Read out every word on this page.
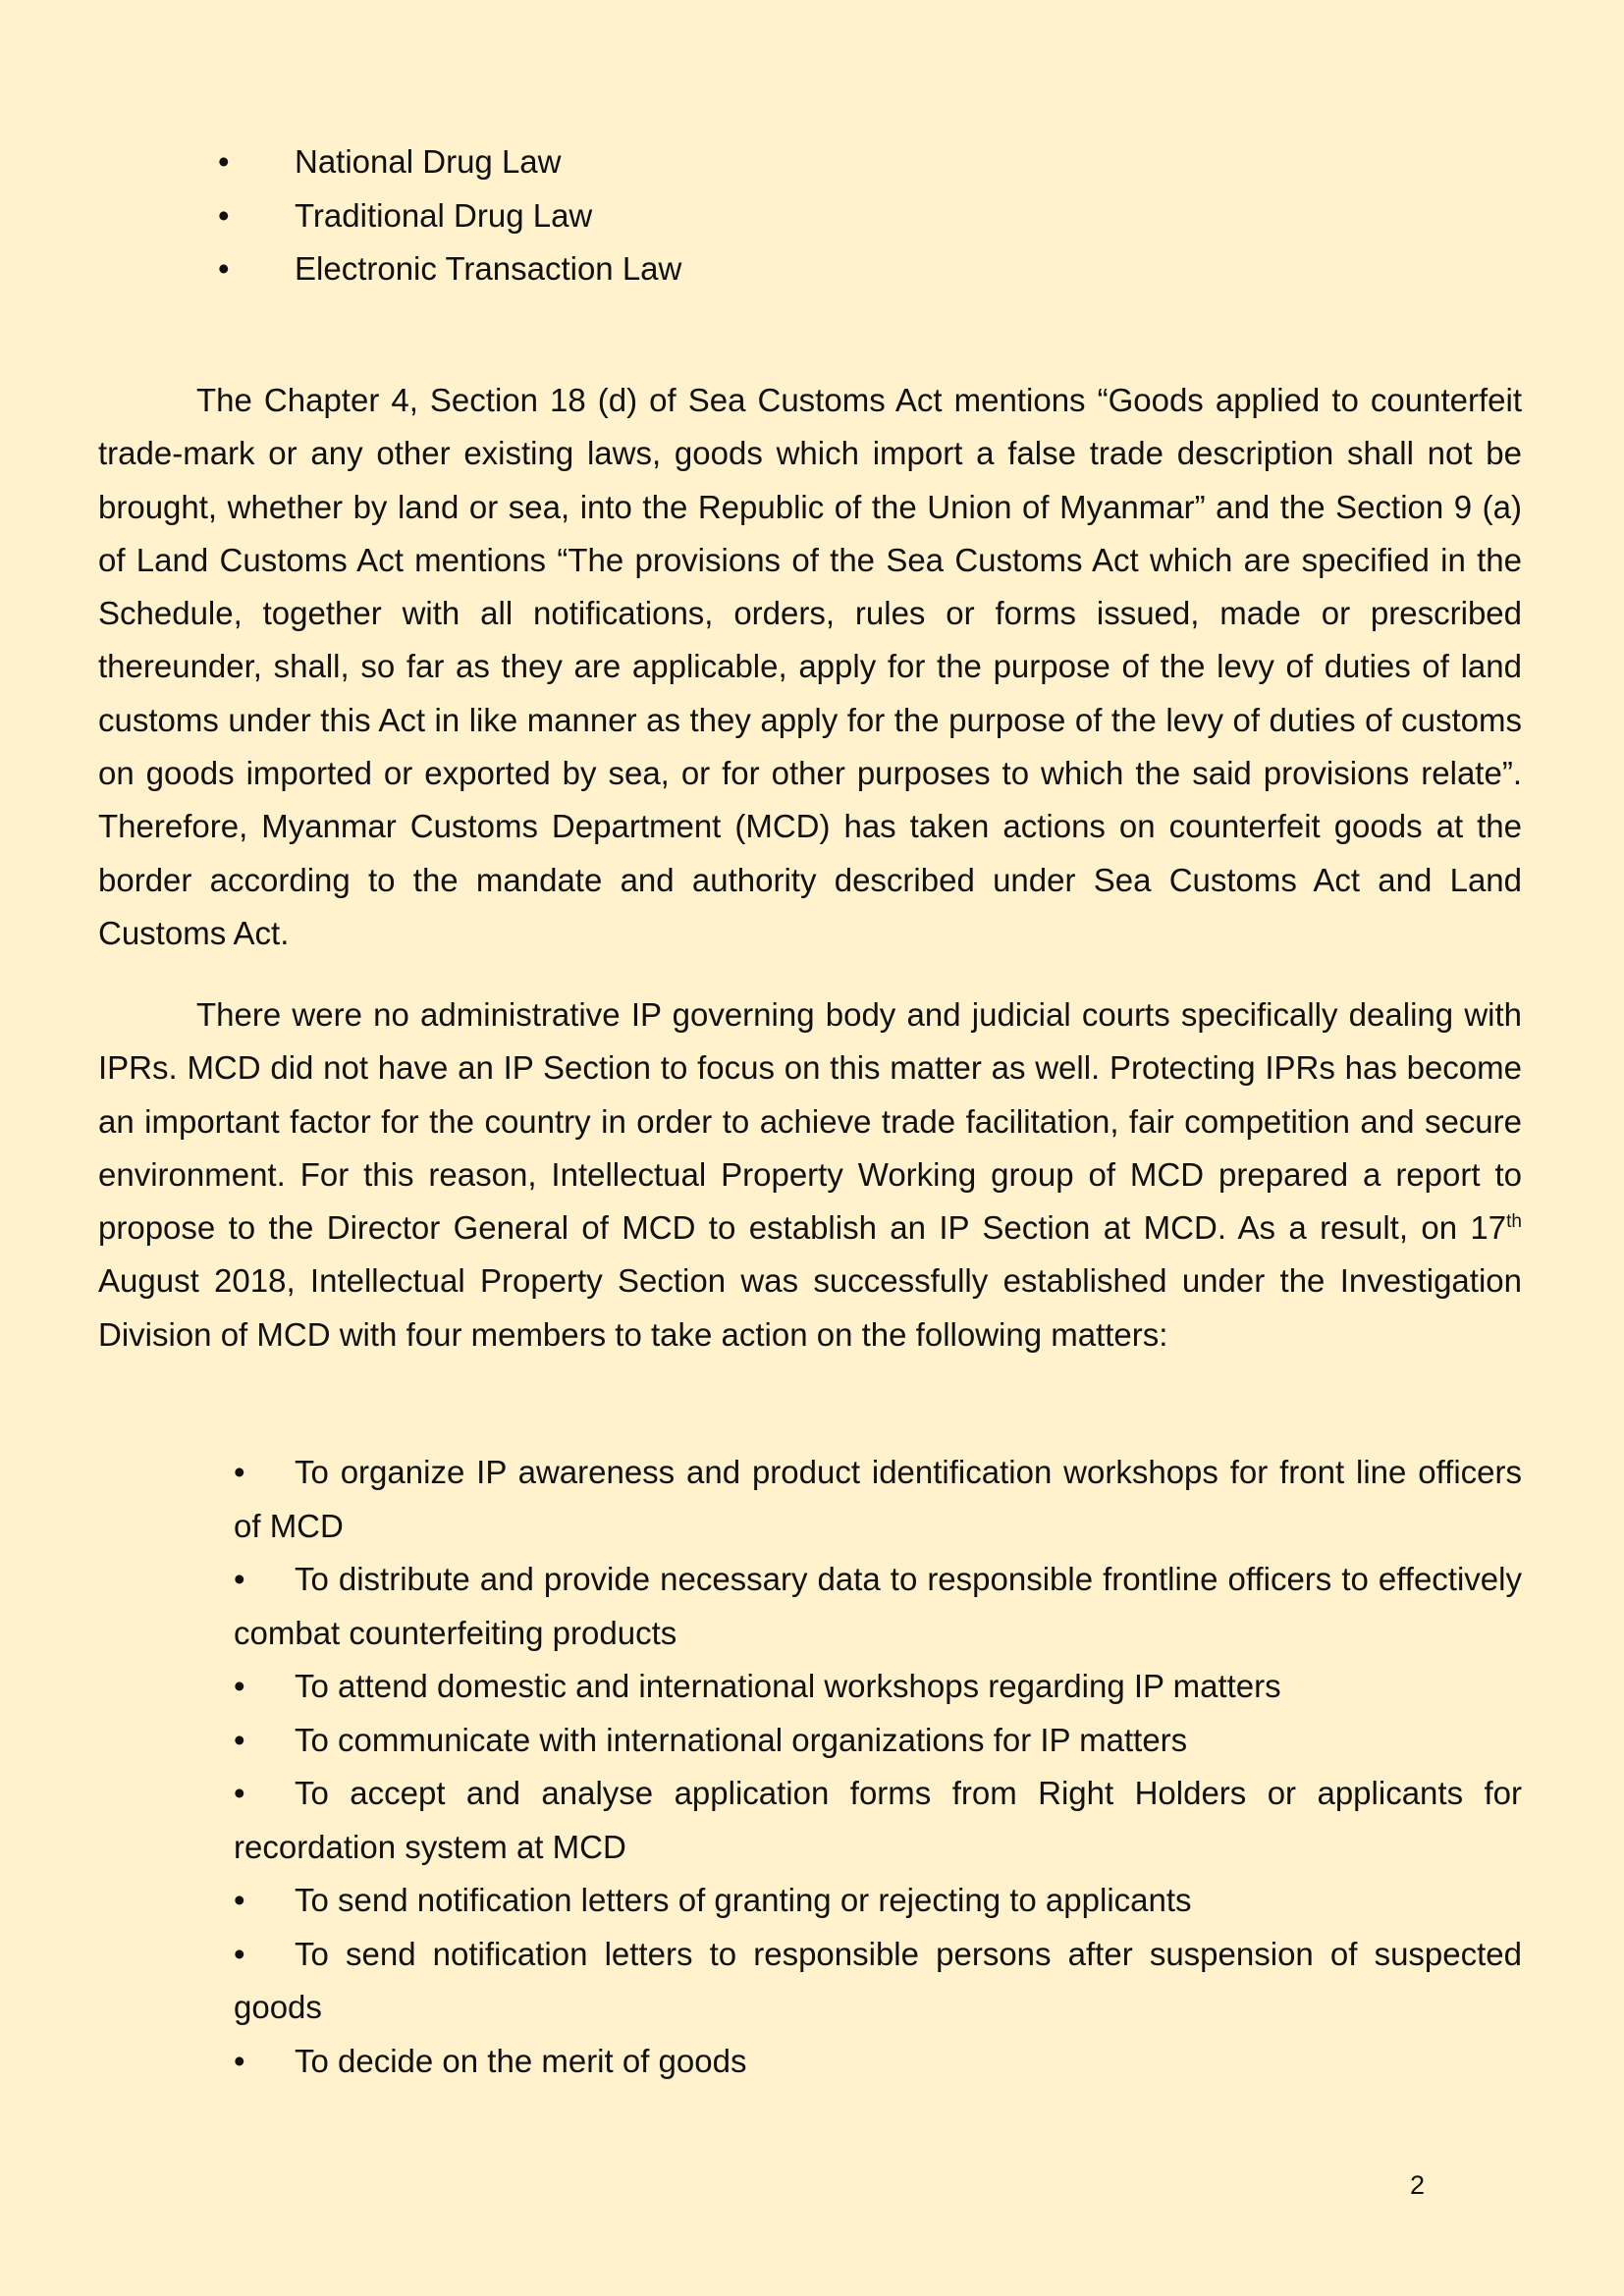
• National Drug Law
• Traditional Drug Law
• Electronic Transaction Law

The Chapter 4, Section 18 (d) of Sea Customs Act mentions “Goods applied to counterfeit trade-mark or any other existing laws, goods which import a false trade description shall not be brought, whether by land or sea, into the Republic of the Union of Myanmar” and the Section 9 (a) of Land Customs Act mentions “The provisions of the Sea Customs Act which are specified in the Schedule, together with all notifications, orders, rules or forms issued, made or prescribed thereunder, shall, so far as they are applicable, apply for the purpose of the levy of duties of land customs under this Act in like manner as they apply for the purpose of the levy of duties of customs on goods imported or exported by sea, or for other purposes to which the said provisions relate”. Therefore, Myanmar Customs Department (MCD) has taken actions on counterfeit goods at the border according to the mandate and authority described under Sea Customs Act and Land Customs Act.

There were no administrative IP governing body and judicial courts specifically dealing with IPRs. MCD did not have an IP Section to focus on this matter as well. Protecting IPRs has become an important factor for the country in order to achieve trade facilitation, fair competition and secure environment. For this reason, Intellectual Property Working group of MCD prepared a report to propose to the Director General of MCD to establish an IP Section at MCD. As a result, on 17th August 2018, Intellectual Property Section was successfully established under the Investigation Division of MCD with four members to take action on the following matters:

• To organize IP awareness and product identification workshops for front line officers of MCD
• To distribute and provide necessary data to responsible frontline officers to effectively combat counterfeiting products
• To attend domestic and international workshops regarding IP matters
• To communicate with international organizations for IP matters
• To accept and analyse application forms from Right Holders or applicants for recordation system at MCD
• To send notification letters of granting or rejecting to applicants
• To send notification letters to responsible persons after suspension of suspected goods
• To decide on the merit of goods
2
